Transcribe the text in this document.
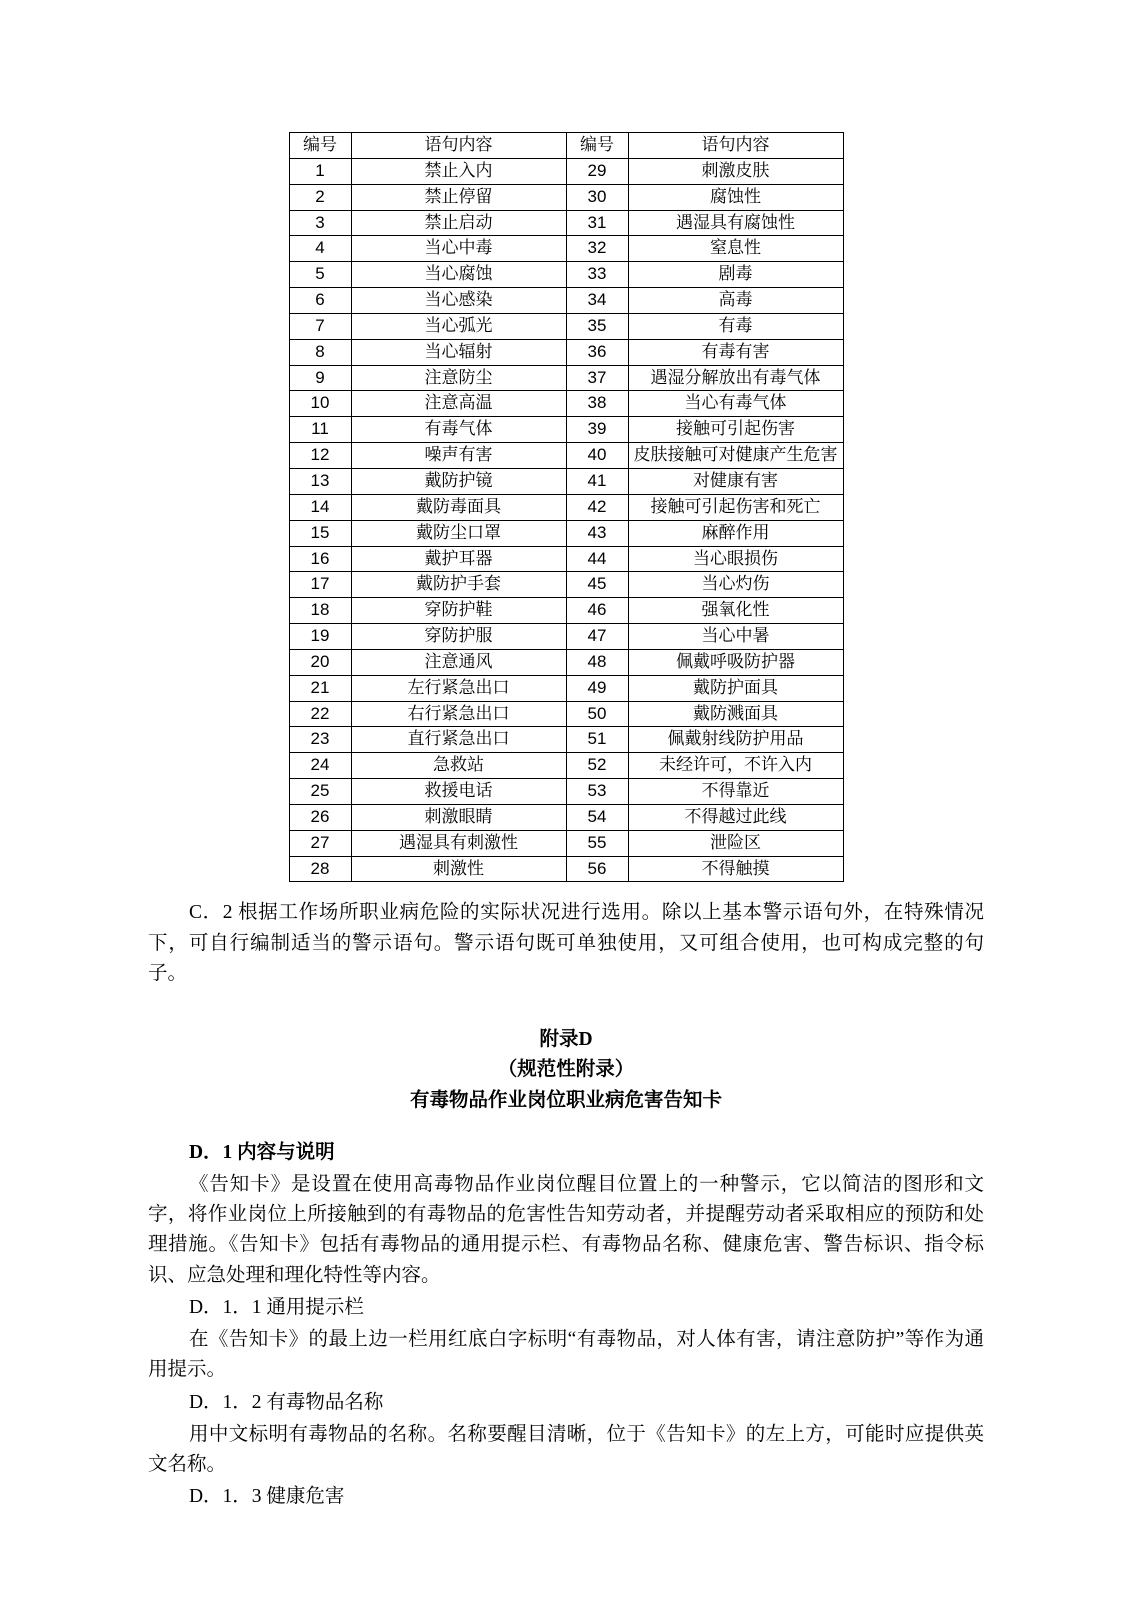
编号	语句内容	编号	语句内容
1	禁止入内	29	刺激皮肤
2	禁止停留	30	腐蚀性
3	禁止启动	31	遇湿具有腐蚀性
4	当心中毒	32	窒息性
5	当心腐蚀	33	剧毒
6	当心感染	34	高毒
7	当心弧光	35	有毒
8	当心辐射	36	有毒有害
9	注意防尘	37	遇湿分解放出有毒气体
10	注意高温	38	当心有毒气体
11	有毒气体	39	接触可引起伤害
12	噪声有害	40	皮肤接触可对健康产生危害
13	戴防护镜	41	对健康有害
14	戴防毒面具	42	接触可引起伤害和死亡
15	戴防尘口罩	43	麻醉作用
16	戴护耳器	44	当心眼损伤
17	戴防护手套	45	当心灼伤
18	穿防护鞋	46	强氧化性
19	穿防护服	47	当心中暑
20	注意通风	48	佩戴呼吸防护器
21	左行紧急出口	49	戴防护面具
22	右行紧急出口	50	戴防溅面具
23	直行紧急出口	51	佩戴射线防护用品
24	急救站	52	未经许可，不许入内
25	救援电话	53	不得靠近
26	刺激眼睛	54	不得越过此线
27	遇湿具有刺激性	55	泄险区
28	刺激性	56	不得触摸

C．2 根据工作场所职业病危险的实际状况进行选用。除以上基本警示语句外，在特殊情况下，可自行编制适当的警示语句。警示语句既可单独使用，又可组合使用，也可构成完整的句子。

附录D

（规范性附录）

有毒物品作业岗位职业病危害告知卡

D．1 内容与说明

《告知卡》是设置在使用高毒物品作业岗位醒目位置上的一种警示，它以简洁的图形和文字，将作业岗位上所接触到的有毒物品的危害性告知劳动者，并提醒劳动者采取相应的预防和处理措施。《告知卡》包括有毒物品的通用提示栏、有毒物品名称、健康危害、警告标识、指令标识、应急处理和理化特性等内容。

D．1．1 通用提示栏

在《告知卡》的最上边一栏用红底白字标明“有毒物品，对人体有害，请注意防护”等作为通用提示。

D．1．2 有毒物品名称

用中文标明有毒物品的名称。名称要醒目清晰，位于《告知卡》的左上方，可能时应提供英文名称。

D．1．3 健康危害
